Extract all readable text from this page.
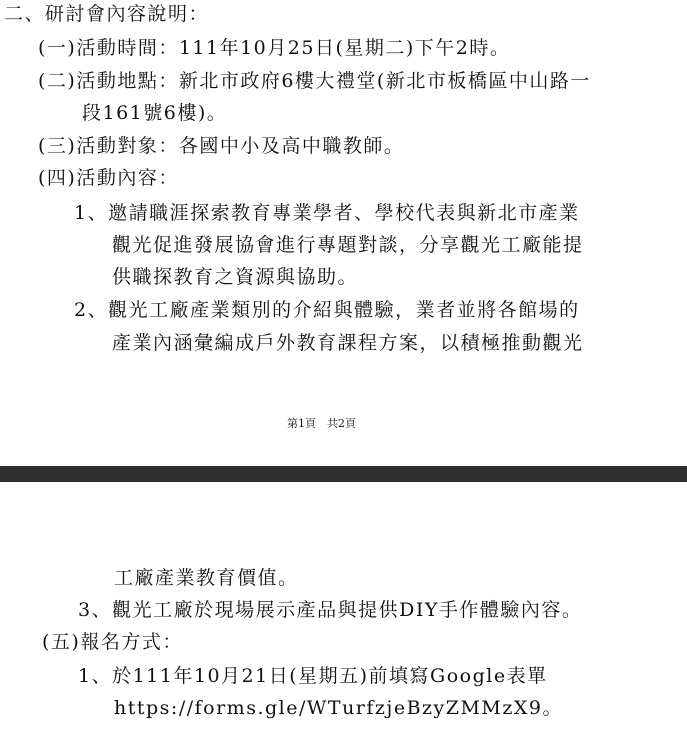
二、研討會內容說明：
(一)活動時間：111年10月25日(星期二)下午2時。
(二)活動地點：新北市政府6樓大禮堂(新北市板橋區中山路一
段161號6樓)。
(三)活動對象：各國中小及高中職教師。
(四)活動內容：
1、邀請職涯探索教育專業學者、學校代表與新北市產業
觀光促進發展協會進行專題對談，分享觀光工廠能提
供職探教育之資源與協助。
2、觀光工廠產業類別的介紹與體驗，業者並將各館場的
產業內涵彙編成戶外教育課程方案，以積極推動觀光
第1頁　共2頁
工廠產業教育價值。
3、觀光工廠於現場展示產品與提供DIY手作體驗內容。
(五)報名方式：
1、於111年10月21日(星期五)前填寫Google表單
https://forms.gle/WTurfzjeBzyZMMzX9。
